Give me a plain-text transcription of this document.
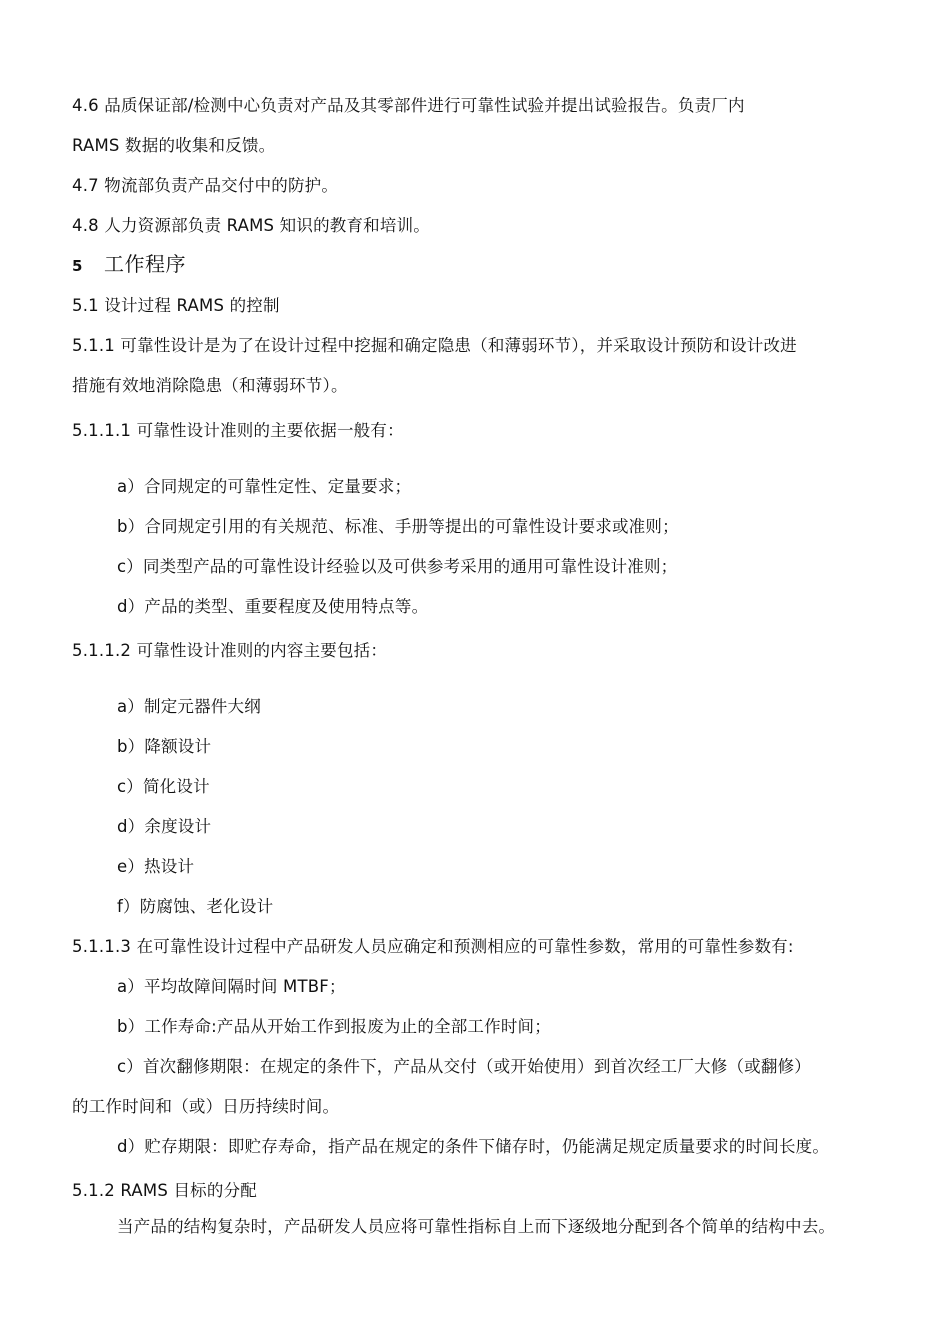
4.6 品质保证部/检测中心负责对产品及其零部件进行可靠性试验并提出试验报告。负责厂内
RAMS 数据的收集和反馈。
4.7 物流部负责产品交付中的防护。
4.8 人力资源部负责 RAMS 知识的教育和培训。
5 工作程序
5.1 设计过程 RAMS 的控制
5.1.1 可靠性设计是为了在设计过程中挖掘和确定隐患（和薄弱环节），并采取设计预防和设计改进
措施有效地消除隐患（和薄弱环节）。
5.1.1.1 可靠性设计准则的主要依据一般有：
a）合同规定的可靠性定性、定量要求；
b）合同规定引用的有关规范、标准、手册等提出的可靠性设计要求或准则；
c）同类型产品的可靠性设计经验以及可供参考采用的通用可靠性设计准则；
d）产品的类型、重要程度及使用特点等。
5.1.1.2 可靠性设计准则的内容主要包括：
a）制定元器件大纲
b）降额设计
c）简化设计
d）余度设计
e）热设计
f）防腐蚀、老化设计
5.1.1.3 在可靠性设计过程中产品研发人员应确定和预测相应的可靠性参数，常用的可靠性参数有:
a）平均故障间隔时间 MTBF；
b）工作寿命:产品从开始工作到报废为止的全部工作时间；
c）首次翻修期限：在规定的条件下，产品从交付（或开始使用）到首次经工厂大修（或翻修）
的工作时间和（或）日历持续时间。
d）贮存期限：即贮存寿命，指产品在规定的条件下储存时，仍能满足规定质量要求的时间长度。
5.1.2 RAMS 目标的分配
当产品的结构复杂时，产品研发人员应将可靠性指标自上而下逐级地分配到各个简单的结构中去。
